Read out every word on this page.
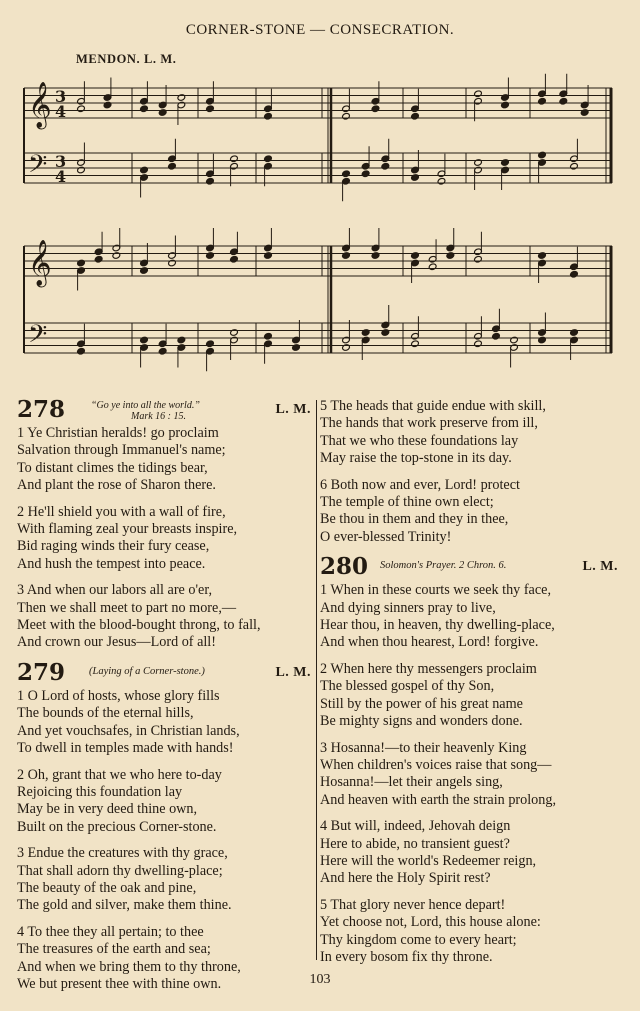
CORNER-STONE — CONSECRATION.
MENDON. L. M.
𝄞
𝄞
𝄢
𝄢
3
4
3
4
278	“Go ye into all the world.”
Mark 16 : 15.	L. M.
1 Ye Christian heralds! go proclaim
Salvation through Immanuel's name;
To distant climes the tidings bear,
And plant the rose of Sharon there.
2 He'll shield you with a wall of fire,
With flaming zeal your breasts inspire,
Bid raging winds their fury cease,
And hush the tempest into peace.
3 And when our labors all are o'er,
Then we shall meet to part no more,—
Meet with the blood-bought throng, to fall,
And crown our Jesus—Lord of all!
279 (Laying of a Corner-stone.)	L. M.
1 O Lord of hosts, whose glory fills
The bounds of the eternal hills,
And yet vouchsafes, in Christian lands,
To dwell in temples made with hands!
2 Oh, grant that we who here to-day
Rejoicing this foundation lay
May be in very deed thine own,
Built on the precious Corner-stone.
3 Endue the creatures with thy grace,
That shall adorn thy dwelling-place;
The beauty of the oak and pine,
The gold and silver, make them thine.
4 To thee they all pertain; to thee
The treasures of the earth and sea;
And when we bring them to thy throne,
We but present thee with thine own.
5 The heads that guide endue with skill,
The hands that work preserve from ill,
That we who these foundations lay
May raise the top-stone in its day.
6 Both now and ever, Lord! protect
The temple of thine own elect;
Be thou in them and they in thee,
O ever-blessed Trinity!
280 Solomon's Prayer. 2 Chron. 6.	L. M.
1 When in these courts we seek thy face,
And dying sinners pray to live,
Hear thou, in heaven, thy dwelling-place,
And when thou hearest, Lord! forgive.
2 When here thy messengers proclaim
The blessed gospel of thy Son,
Still by the power of his great name
Be mighty signs and wonders done.
3 Hosanna!—to their heavenly King
When children's voices raise that song—
Hosanna!—let their angels sing,
And heaven with earth the strain prolong,
4 But will, indeed, Jehovah deign
Here to abide, no transient guest?
Here will the world's Redeemer reign,
And here the Holy Spirit rest?
5 That glory never hence depart!
Yet choose not, Lord, this house alone:
Thy kingdom come to every heart;
In every bosom fix thy throne.
103
